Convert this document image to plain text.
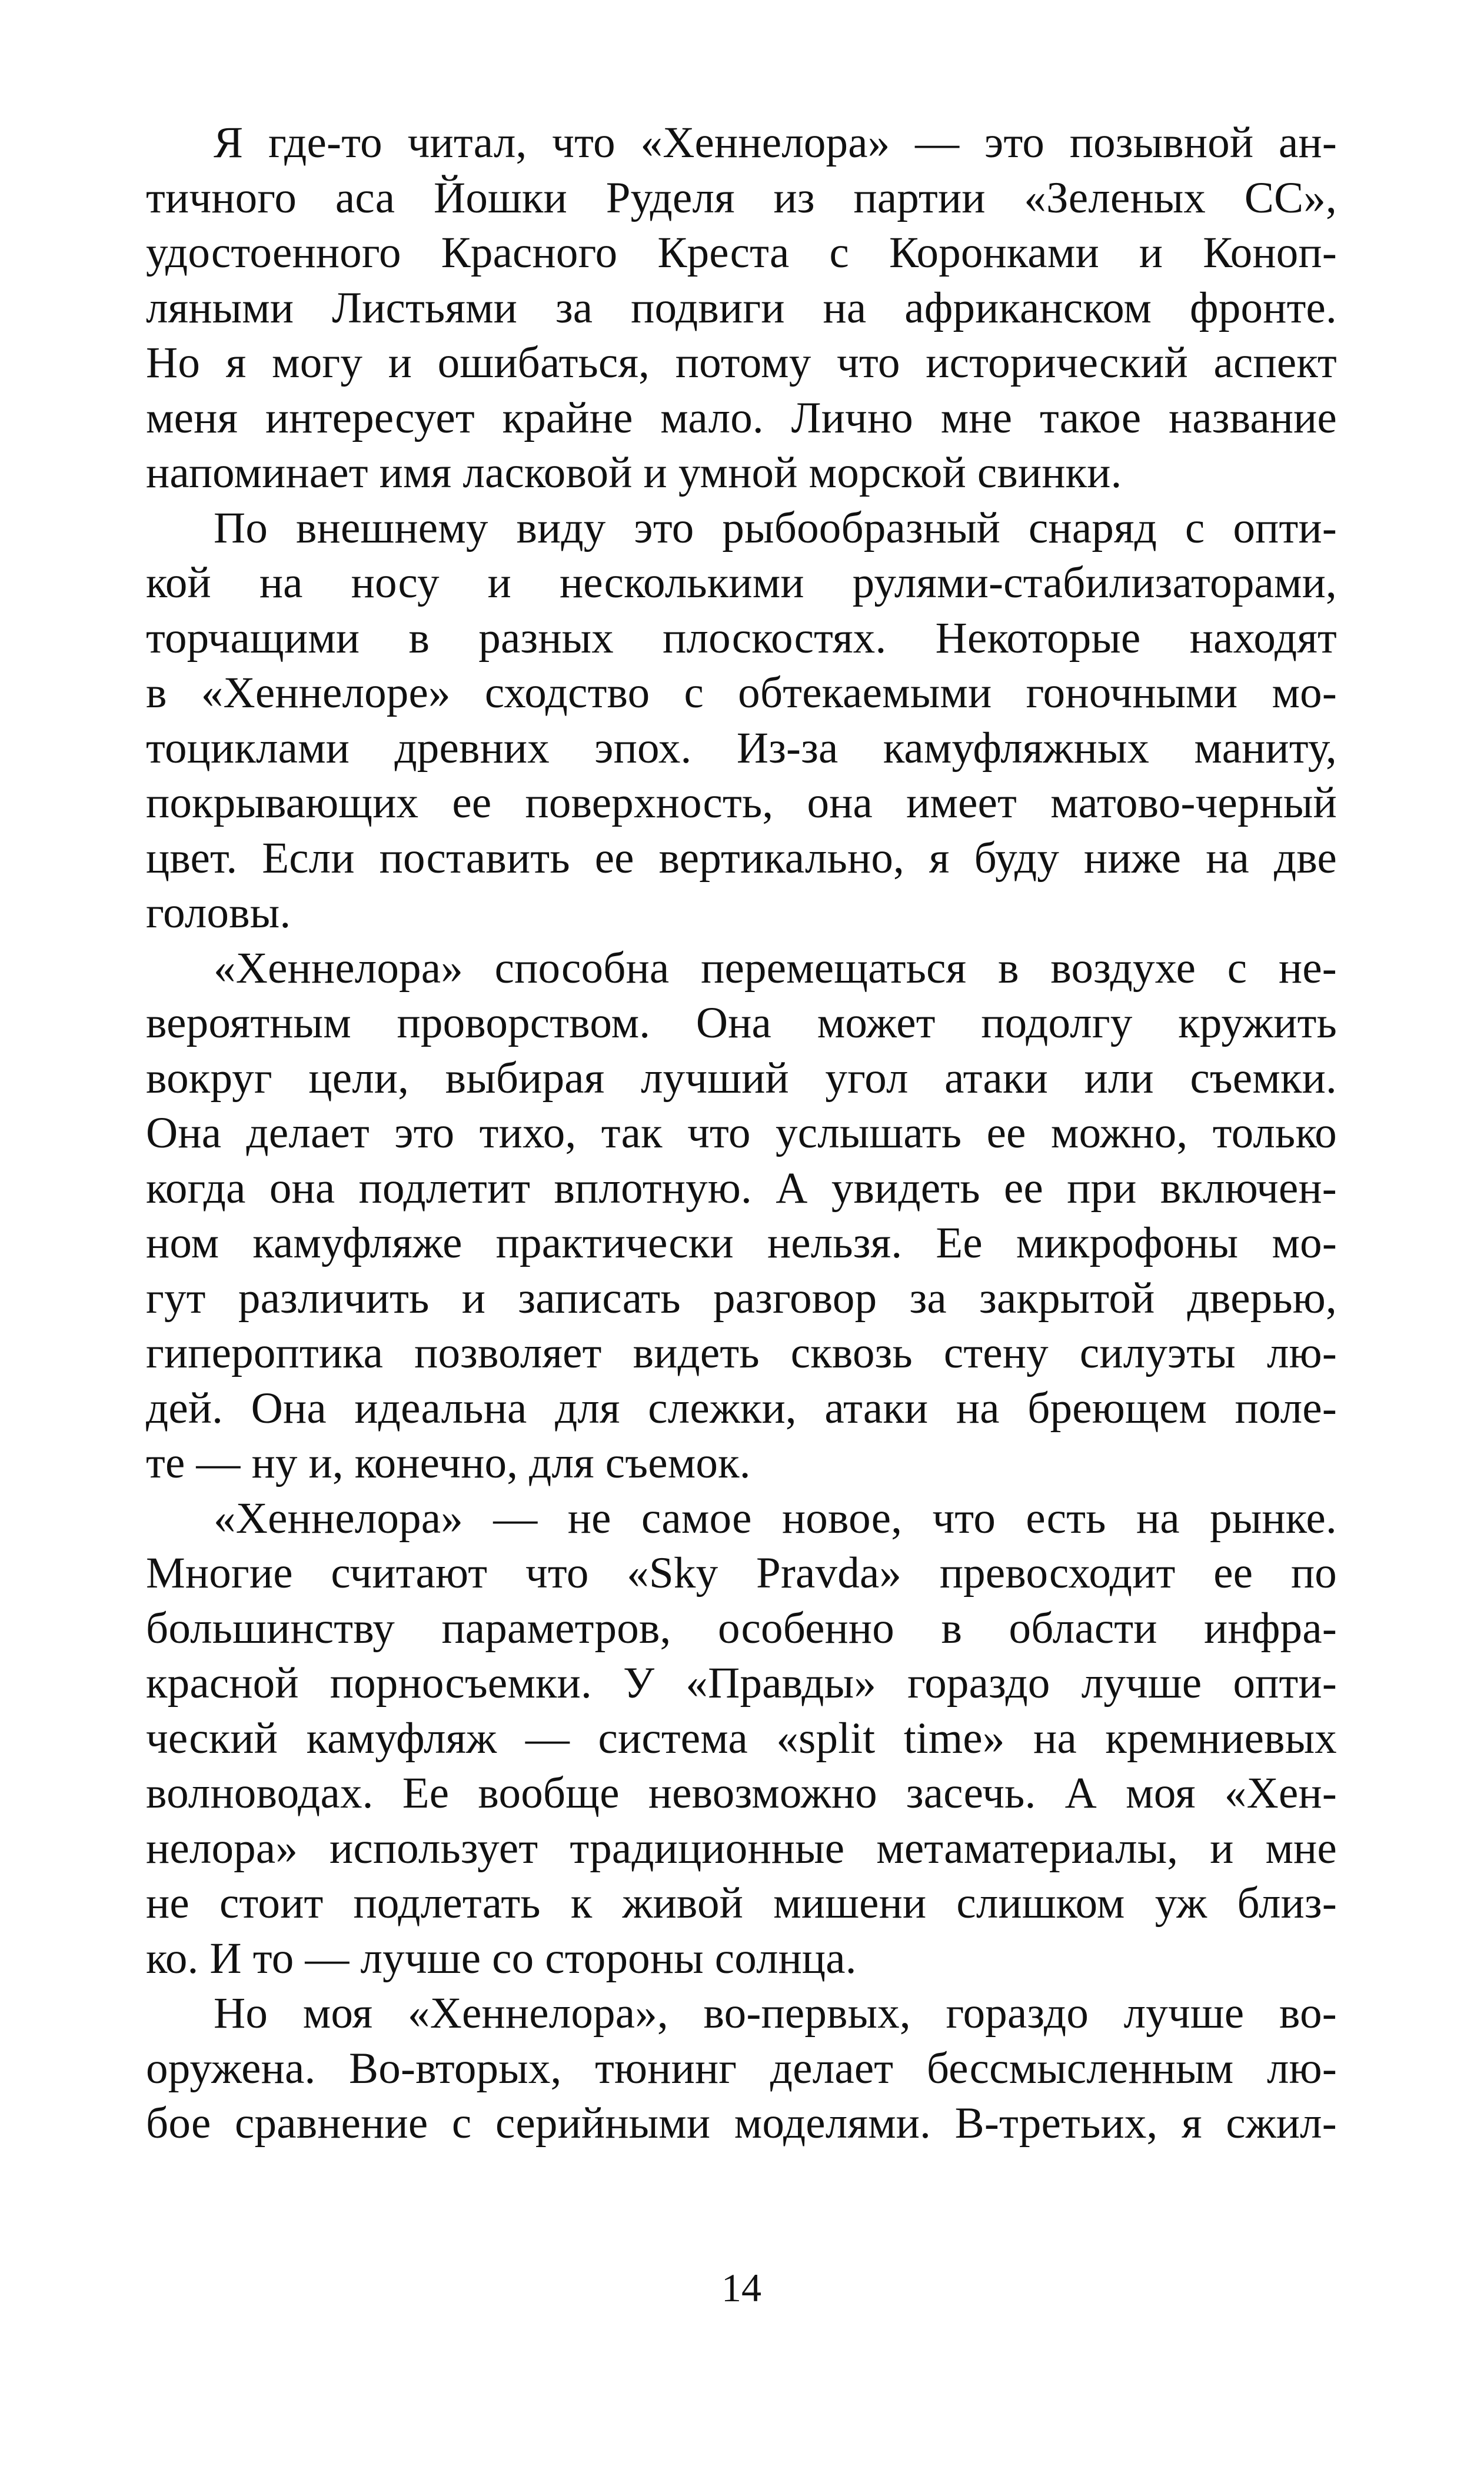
Я где-то читал, что «Хеннелора» — это позывной ан-
тичного аса Йошки Руделя из партии «Зеленых СС»,
удостоенного Красного Креста с Коронками и Коноп-
ляными Листьями за подвиги на африканском фронте.
Но я могу и ошибаться, потому что исторический аспект
меня интересует крайне мало. Лично мне такое название
напоминает имя ласковой и умной морской свинки.
По внешнему виду это рыбообразный снаряд с опти-
кой на носу и несколькими рулями-стабилизаторами,
торчащими в разных плоскостях. Некоторые находят
в «Хеннелоре» сходство с обтекаемыми гоночными мо-
тоциклами древних эпох. Из-за камуфляжных маниту,
покрывающих ее поверхность, она имеет матово-черный
цвет. Если поставить ее вертикально, я буду ниже на две
головы.
«Хеннелора» способна перемещаться в воздухе с не-
вероятным проворством. Она может подолгу кружить
вокруг цели, выбирая лучший угол атаки или съемки.
Она делает это тихо, так что услышать ее можно, только
когда она подлетит вплотную. А увидеть ее при включен-
ном камуфляже практически нельзя. Ее микрофоны мо-
гут различить и записать разговор за закрытой дверью,
гипероптика позволяет видеть сквозь стену силуэты лю-
дей. Она идеальна для слежки, атаки на бреющем поле-
те — ну и, конечно, для съемок.
«Хеннелора» — не самое новое, что есть на рынке.
Многие считают что «Sky Pravda» превосходит ее по
большинству параметров, особенно в области инфра-
красной порносъемки. У «Правды» гораздо лучше опти-
ческий камуфляж — система «split time» на кремниевых
волноводах. Ее вообще невозможно засечь. А моя «Хен-
нелора» использует традиционные метаматериалы, и мне
не стоит подлетать к живой мишени слишком уж близ-
ко. И то — лучше со стороны солнца.
Но моя «Хеннелора», во-первых, гораздо лучше во-
оружена. Во-вторых, тюнинг делает бессмысленным лю-
бое сравнение с серийными моделями. В-третьих, я сжил-
14
